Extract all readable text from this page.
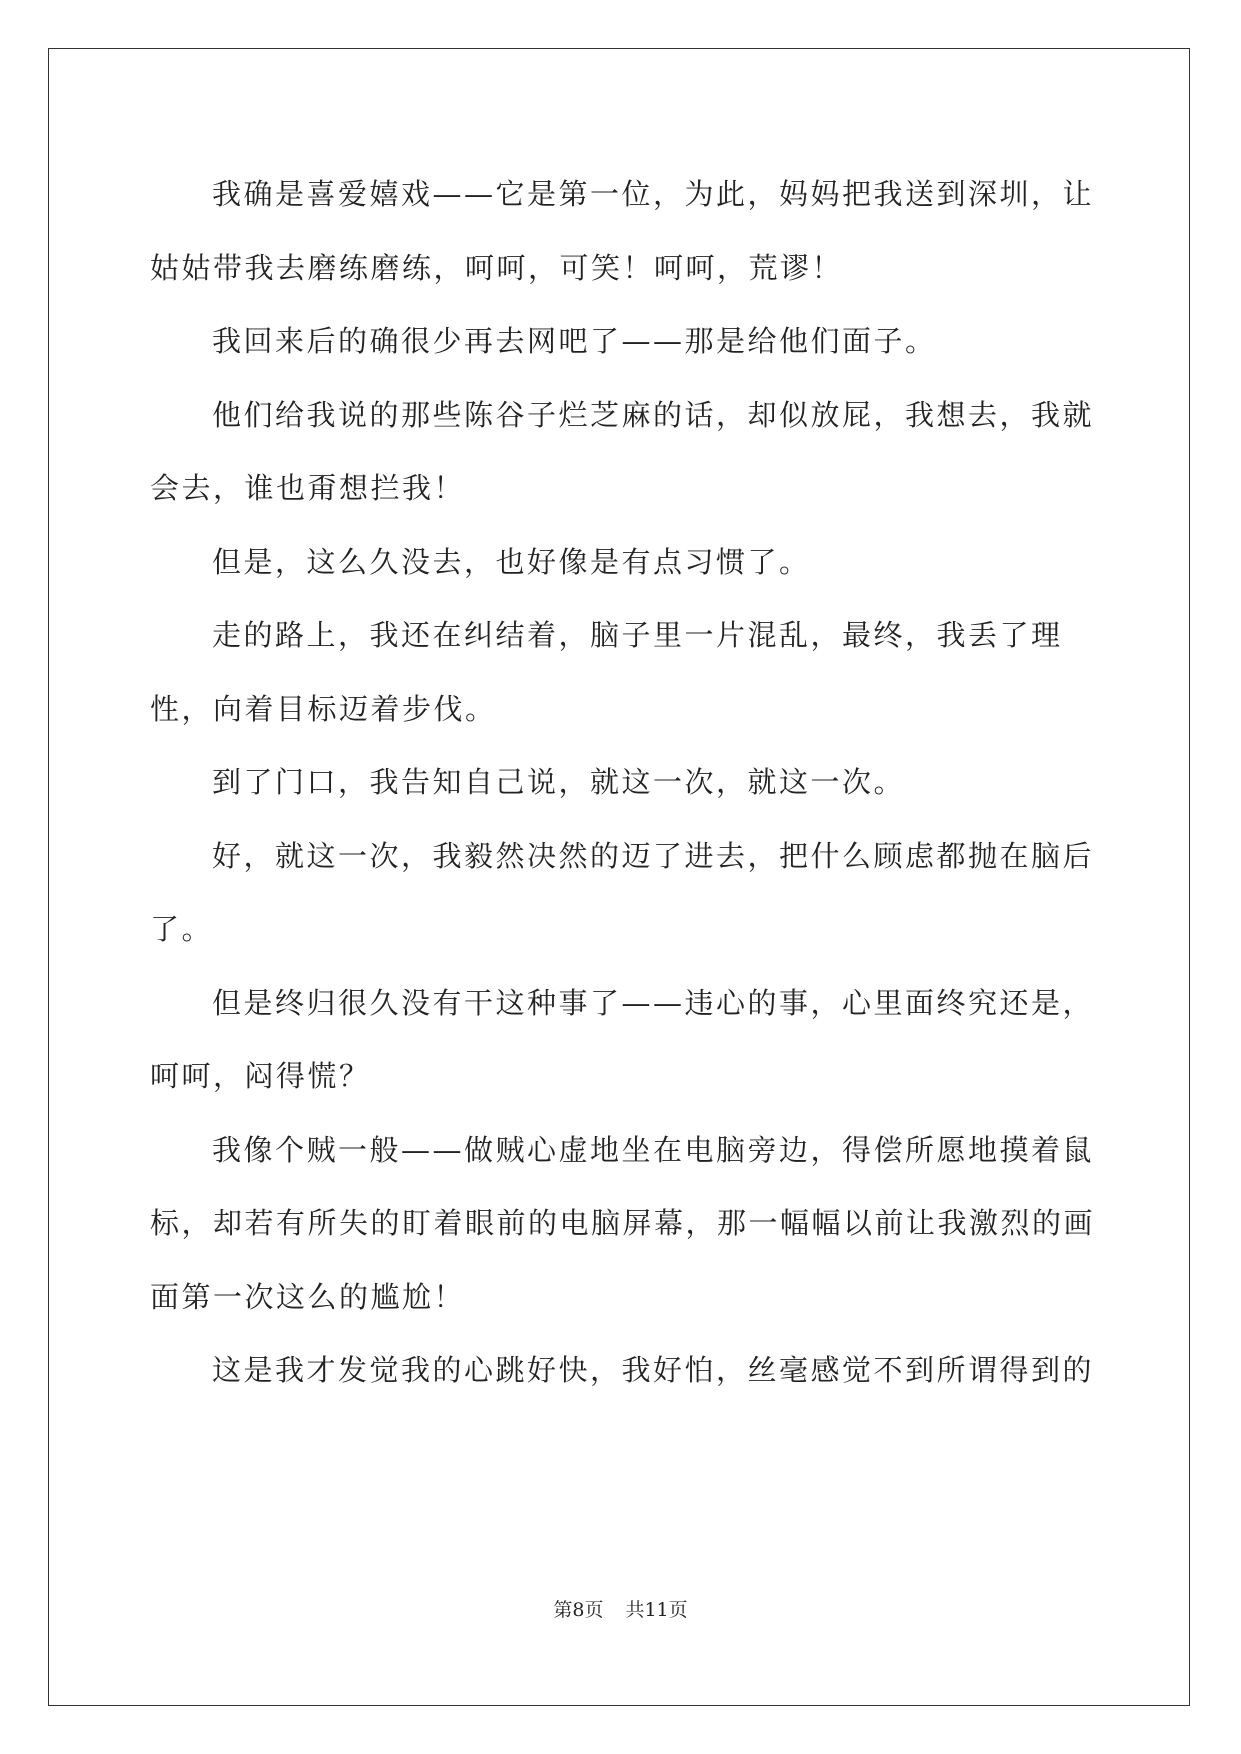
我确是喜爱嬉戏——它是第一位，为此，妈妈把我送到深圳，让姑姑带我去磨练磨练，呵呵，可笑！呵呵，荒谬！

我回来后的确很少再去网吧了——那是给他们面子。

他们给我说的那些陈谷子烂芝麻的话，却似放屁，我想去，我就会去，谁也甭想拦我！

但是，这么久没去，也好像是有点习惯了。

走的路上，我还在纠结着，脑子里一片混乱，最终，我丢了理性，向着目标迈着步伐。

到了门口，我告知自己说，就这一次，就这一次。

好，就这一次，我毅然决然的迈了进去，把什么顾虑都抛在脑后了。

但是终归很久没有干这种事了——违心的事，心里面终究还是，呵呵，闷得慌？

我像个贼一般——做贼心虚地坐在电脑旁边，得偿所愿地摸着鼠标，却若有所失的盯着眼前的电脑屏幕，那一幅幅以前让我激烈的画面第一次这么的尴尬！

这是我才发觉我的心跳好快，我好怕，丝毫感觉不到所谓得到的

第8页 共11页
